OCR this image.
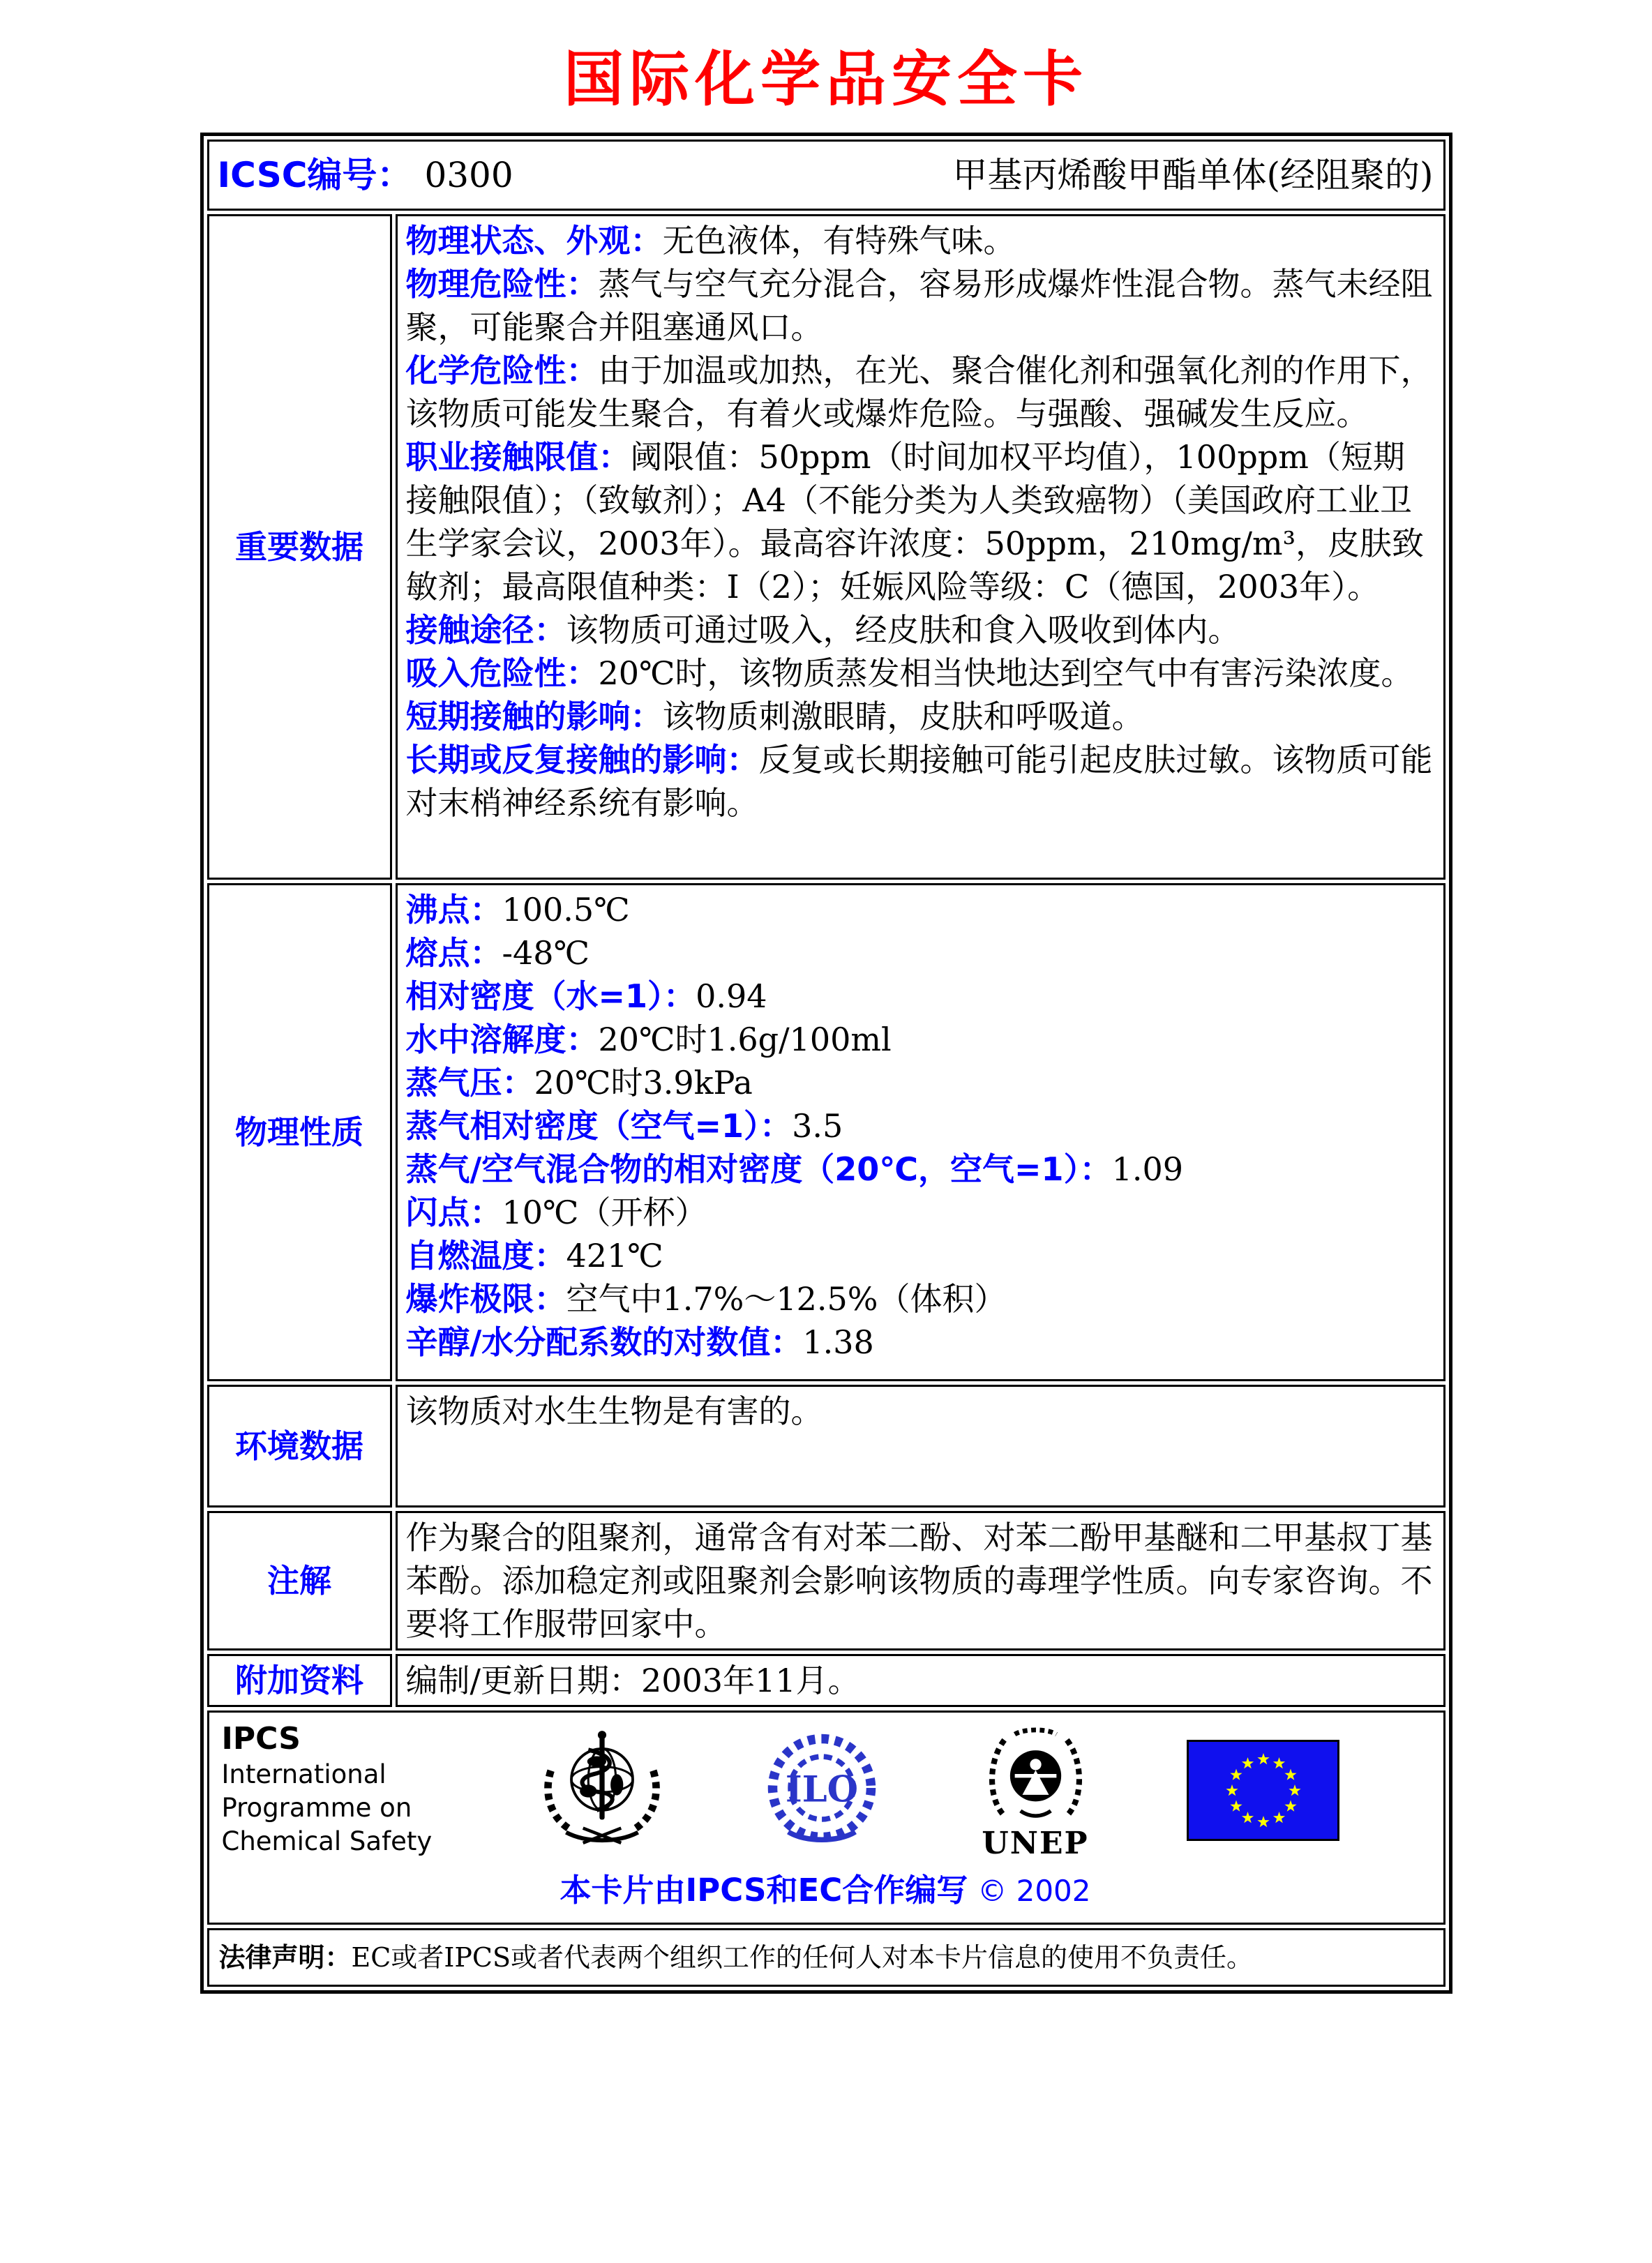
国际化学品安全卡
ICSC编号： 0300 甲基丙烯酸甲酯单体(经阻聚的)	

重要数据	
物理状态、外观：无色液体，有特殊气味。
物理危险性：蒸气与空气充分混合，容易形成爆炸性混合物。蒸气未经阻聚，可能聚合并阻塞通风口。
化学危险性：由于加温或加热，在光、聚合催化剂和强氧化剂的作用下，该物质可能发生聚合，有着火或爆炸危险。与强酸、强碱发生反应。
职业接触限值：阈限值：50ppm（时间加权平均值），100ppm（短期接触限值）；（致敏剂）；A4（不能分类为人类致癌物）（美国政府工业卫生学家会议，2003年）。最高容许浓度：50ppm，210mg/m³，皮肤致敏剂；最高限值种类：I（2）；妊娠风险等级：C（德国，2003年）。
接触途径：该物质可通过吸入，经皮肤和食入吸收到体内。
吸入危险性：20℃时，该物质蒸发相当快地达到空气中有害污染浓度。
短期接触的影响：该物质刺激眼睛，皮肤和呼吸道。
长期或反复接触的影响：反复或长期接触可能引起皮肤过敏。该物质可能对末梢神经系统有影响。

物理性质	
沸点：100.5℃
熔点：-48℃
相对密度（水=1）：0.94
水中溶解度：20℃时1.6g/100ml
蒸气压：20℃时3.9kPa
蒸气相对密度（空气=1）：3.5
蒸气/空气混合物的相对密度（20℃，空气=1）：1.09
闪点：10℃（开杯）
自燃温度：421℃
爆炸极限：空气中1.7%～12.5%（体积）
辛醇/水分配系数的对数值：1.38

环境数据	该物质对水生生物是有害的。
注解	作为聚合的阻聚剂，通常含有对苯二酚、对苯二酚甲基醚和二甲基叔丁基苯酚。添加稳定剂或阻聚剂会影响该物质的毒理学性质。向专家咨询。不要将工作服带回家中。
附加资料	编制/更新日期：2003年11月。

IPCS
International
Programme on
Chemical Safety
ILO
UNEP
本卡片由IPCS和EC合作编写 © 2002

法律声明：EC或者IPCS或者代表两个组织工作的任何人对本卡片信息的使用不负责任。	
